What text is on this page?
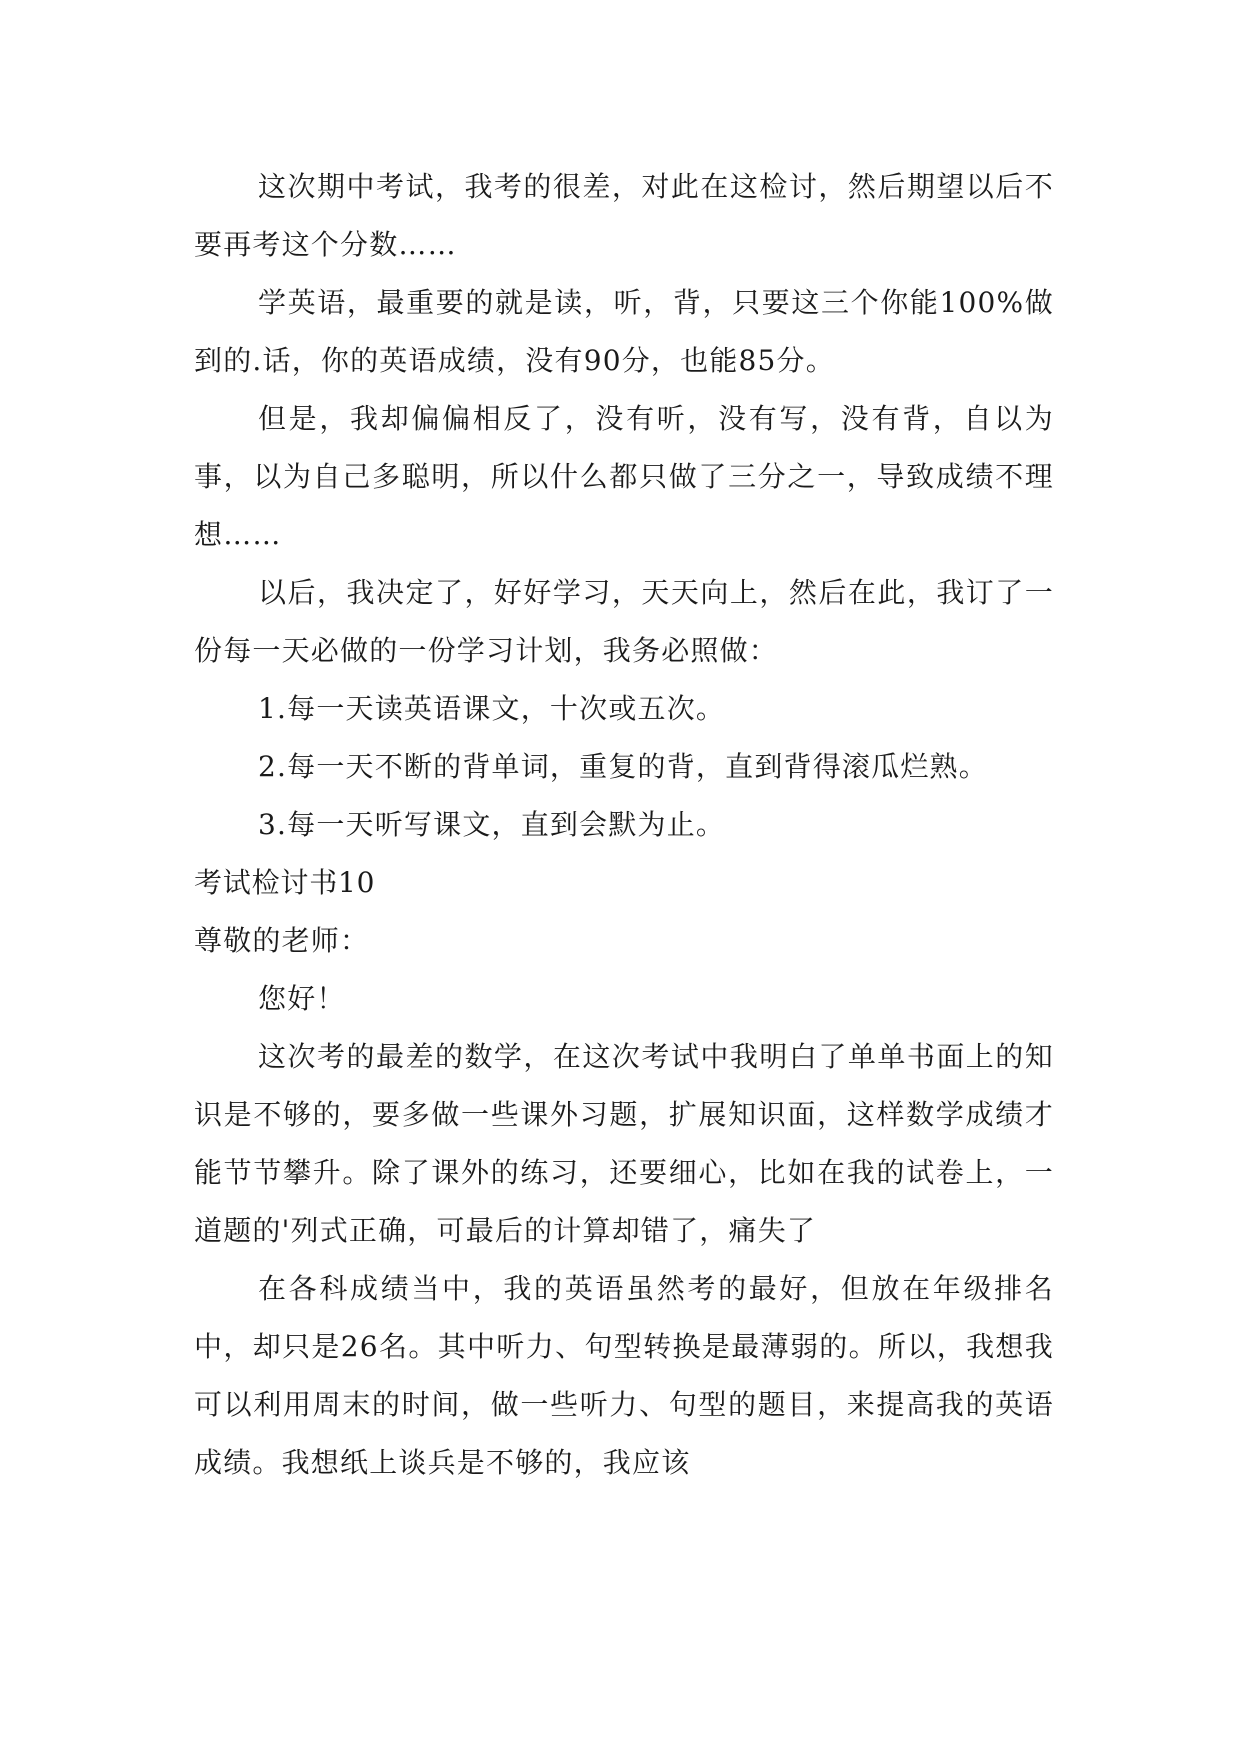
这次期中考试，我考的很差，对此在这检讨，然后期望以后不要再考这个分数……

学英语，最重要的就是读，听，背，只要这三个你能100%做到的.话，你的英语成绩，没有90分，也能85分。

但是，我却偏偏相反了，没有听，没有写，没有背，自以为事，以为自己多聪明，所以什么都只做了三分之一，导致成绩不理想……

以后，我决定了，好好学习，天天向上，然后在此，我订了一份每一天必做的一份学习计划，我务必照做：

1.每一天读英语课文，十次或五次。

2.每一天不断的背单词，重复的背，直到背得滚瓜烂熟。

3.每一天听写课文，直到会默为止。

考试检讨书10

尊敬的老师：

您好！

这次考的最差的数学，在这次考试中我明白了单单书面上的知识是不够的，要多做一些课外习题，扩展知识面，这样数学成绩才能节节攀升。除了课外的练习，还要细心，比如在我的试卷上，一道题的'列式正确，可最后的计算却错了，痛失了

在各科成绩当中，我的英语虽然考的最好，但放在年级排名中，却只是26名。其中听力、句型转换是最薄弱的。所以，我想我可以利用周末的时间，做一些听力、句型的题目，来提高我的英语成绩。我想纸上谈兵是不够的，我应该
